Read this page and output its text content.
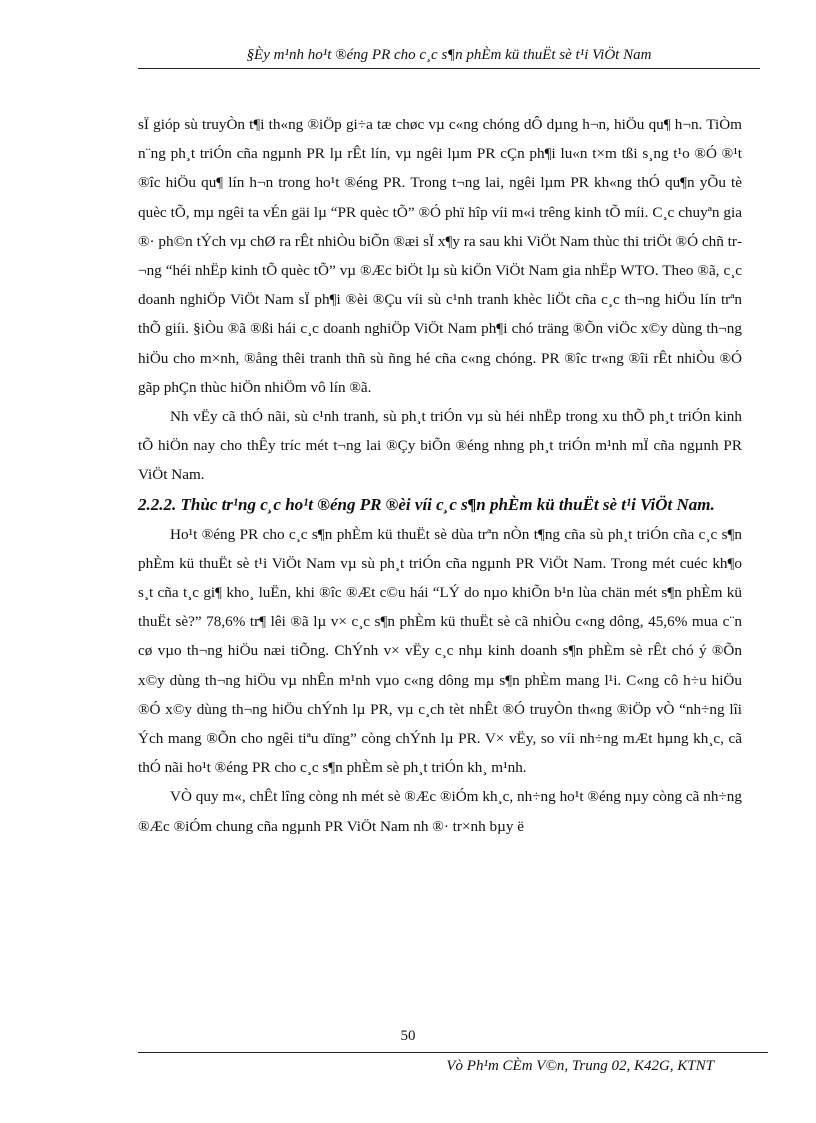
§Èy m¹nh ho¹t ®éng PR cho c¸c s¶n phÈm kü thuËt sè t¹i ViÖt Nam

sÏ gióp sù truyÒn t¶i th«ng ®iÖp gi÷a tæ chøc vµ c«ng chóng dÔ dµng h¬n, hiÖu qu¶ h¬n. TiÒm n¨ng ph¸t triÓn cña ngµnh PR lµ rÊt lín, vµ ngêi lµm PR cÇn ph¶i lu«n t×m tßi s¸ng t¹o ®Ó ®¹t ®îc hiÖu qu¶ lín h¬n trong ho¹t ®éng PR. Trong t¬ng lai, ngêi lµm PR kh«ng thÓ qu¶n yÕu tè quèc tÕ, mµ ngêi ta vÉn gäi lµ “PR quèc tÕ” ®Ó phï hîp víi m«i trêng kinh tÕ míi. C¸c chuyªn gia ®· ph©n tÝch vµ chØ ra rÊt nhiÒu biÕn ®æi sÏ x¶y ra sau khi ViÖt Nam thùc thi triÖt ®Ó chñ tr¬ng “héi nhËp kinh tÕ quèc tÕ” vµ ®Æc biÖt lµ sù kiÖn ViÖt Nam gia nhËp WTO. Theo ®ã, c¸c doanh nghiÖp ViÖt Nam sÏ ph¶i ®èi ®Çu víi sù c¹nh tranh khèc liÖt cña c¸c th¬ng hiÖu lín trªn thÕ giíi. §iÒu ®ã ®ßi hái c¸c doanh nghiÖp ViÖt Nam ph¶i chó träng ®Õn viÖc x©y dùng th¬ng hiÖu cho m×nh, ®ång thêi tranh thñ sù ñng hé cña c«ng chóng. PR ®îc tr«ng ®îi rÊt nhiÒu ®Ó gãp phÇn thùc hiÖn nhiÖm vô lín ®ã.

Nh vËy cã thÓ nãi, sù c¹nh tranh, sù ph¸t triÓn vµ sù héi nhËp trong xu thÕ ph¸t triÓn kinh tÕ hiÖn nay cho thÊy tríc mét t¬ng lai ®Çy biÕn ®éng nhng ph¸t triÓn m¹nh mÏ cña ngµnh PR ViÖt Nam.

2.2.2. Thùc tr¹ng c¸c ho¹t ®éng PR ®èi víi c¸c s¶n phÈm kü thuËt sè t¹i ViÖt Nam.

Ho¹t ®éng PR cho c¸c s¶n phÈm kü thuËt sè dùa trªn nÒn t¶ng cña sù ph¸t triÓn cña c¸c s¶n phÈm kü thuËt sè t¹i ViÖt Nam vµ sù ph¸t triÓn cña ngµnh PR ViÖt Nam. Trong mét cuéc kh¶o s¸t cña t¸c gi¶ kho¸ luËn, khi ®îc ®Æt c©u hái “LÝ do nµo khiÕn b¹n lùa chän mét s¶n phÈm kü thuËt sè?” 78,6% tr¶ lêi ®ã lµ v× c¸c s¶n phÈm kü thuËt sè cã nhiÒu c«ng dông, 45,6% mua c¨n cø vµo th¬ng hiÖu næi tiÕng. ChÝnh v× vËy c¸c nhµ kinh doanh s¶n phÈm sè rÊt chó ý ®Õn x©y dùng th¬ng hiÖu vµ nhÊn m¹nh vµo c«ng dông mµ s¶n phÈm mang l¹i. C«ng cô h÷u hiÖu ®Ó x©y dùng th¬ng hiÖu chÝnh lµ PR, vµ c¸ch tèt nhÊt ®Ó truyÒn th«ng ®iÖp vÒ “nh÷ng lîi Ých mang ®Õn cho ngêi tiªu dïng” còng chÝnh lµ PR. V× vËy, so víi nh÷ng mÆt hµng kh¸c, cã thÓ nãi ho¹t ®éng PR cho c¸c s¶n phÈm sè ph¸t triÓn kh¸ m¹nh.

VÒ quy m«, chÊt lîng còng nh mét sè ®Æc ®iÓm kh¸c, nh÷ng ho¹t ®éng nµy còng cã nh÷ng ®Æc ®iÓm chung cña ngµnh PR ViÖt Nam nh ®· tr×nh bµy ë

50
Vò Ph¹m CÈm V©n, Trung 02, K42G, KTNT
